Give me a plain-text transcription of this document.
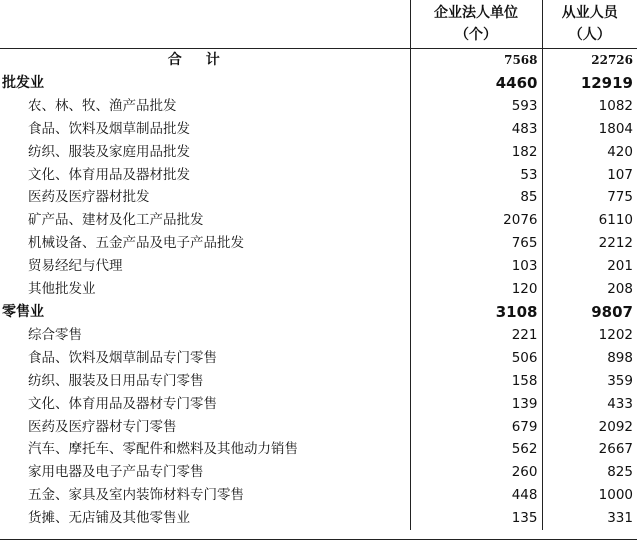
	企业法人单位	从业人员
	（个）	（人）
合计	7568	22726
批发业	4460	12919
农、林、牧、渔产品批发	593	1082
食品、饮料及烟草制品批发	483	1804
纺织、服装及家庭用品批发	182	420
文化、体育用品及器材批发	53	107
医药及医疗器材批发	85	775
矿产品、建材及化工产品批发	2076	6110
机械设备、五金产品及电子产品批发	765	2212
贸易经纪与代理	103	201
其他批发业	120	208
零售业	3108	9807
综合零售	221	1202
食品、饮料及烟草制品专门零售	506	898
纺织、服装及日用品专门零售	158	359
文化、体育用品及器材专门零售	139	433
医药及医疗器材专门零售	679	2092
汽车、摩托车、零配件和燃料及其他动力销售	562	2667
家用电器及电子产品专门零售	260	825
五金、家具及室内装饰材料专门零售	448	1000
货摊、无店铺及其他零售业	135	331
